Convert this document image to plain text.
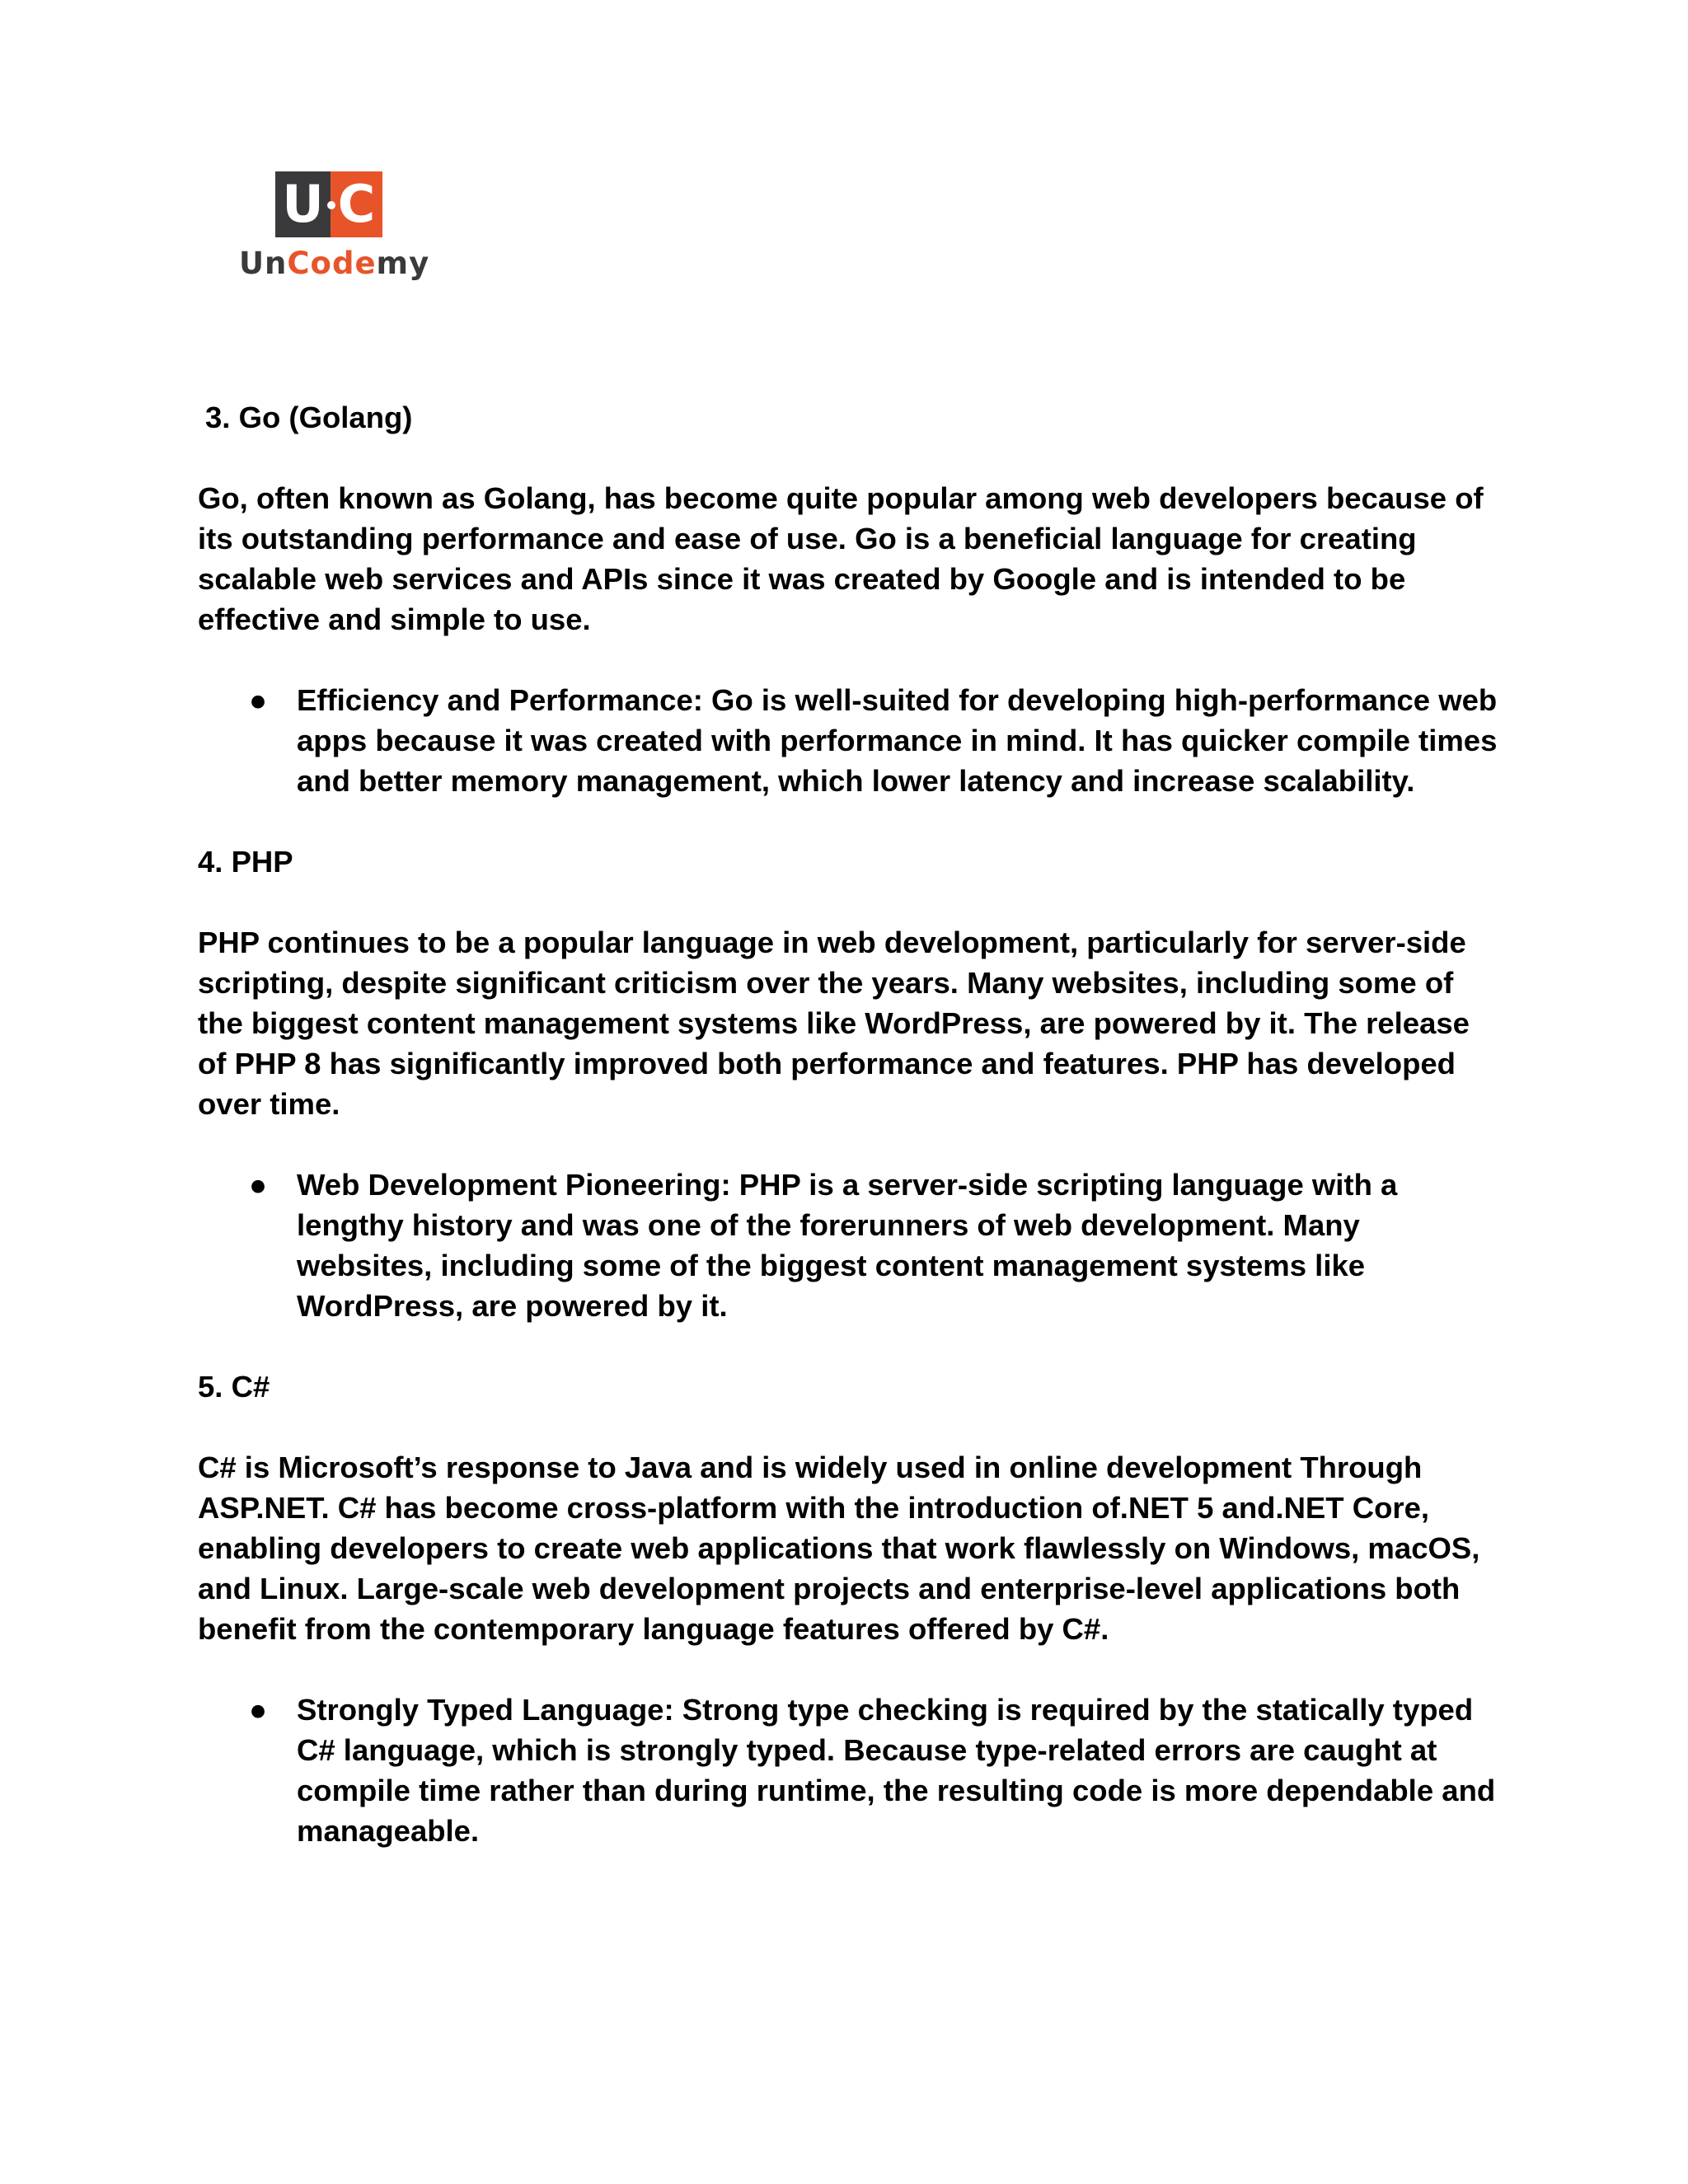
U C
UnCodemy
3. Go (Golang)
Go, often known as Golang, has become quite popular among web developers because of its outstanding performance and ease of use. Go is a beneficial language for creating scalable web services and APIs since it was created by Google and is intended to be effective and simple to use.
● Efficiency and Performance: Go is well-suited for developing high-performance web apps because it was created with performance in mind. It has quicker compile times and better memory management, which lower latency and increase scalability.
4. PHP
PHP continues to be a popular language in web development, particularly for server-side scripting, despite significant criticism over the years. Many websites, including some of the biggest content management systems like WordPress, are powered by it. The release of PHP 8 has significantly improved both performance and features. PHP has developed over time.
● Web Development Pioneering: PHP is a server-side scripting language with a lengthy history and was one of the forerunners of web development. Many websites, including some of the biggest content management systems like WordPress, are powered by it.
5. C#
C# is Microsoft’s response to Java and is widely used in online development Through ASP.NET. C# has become cross-platform with the introduction of.NET 5 and.NET Core, enabling developers to create web applications that work flawlessly on Windows, macOS, and Linux. Large-scale web development projects and enterprise-level applications both benefit from the contemporary language features offered by C#.
● Strongly Typed Language: Strong type checking is required by the statically typed C# language, which is strongly typed. Because type-related errors are caught at compile time rather than during runtime, the resulting code is more dependable and manageable.
